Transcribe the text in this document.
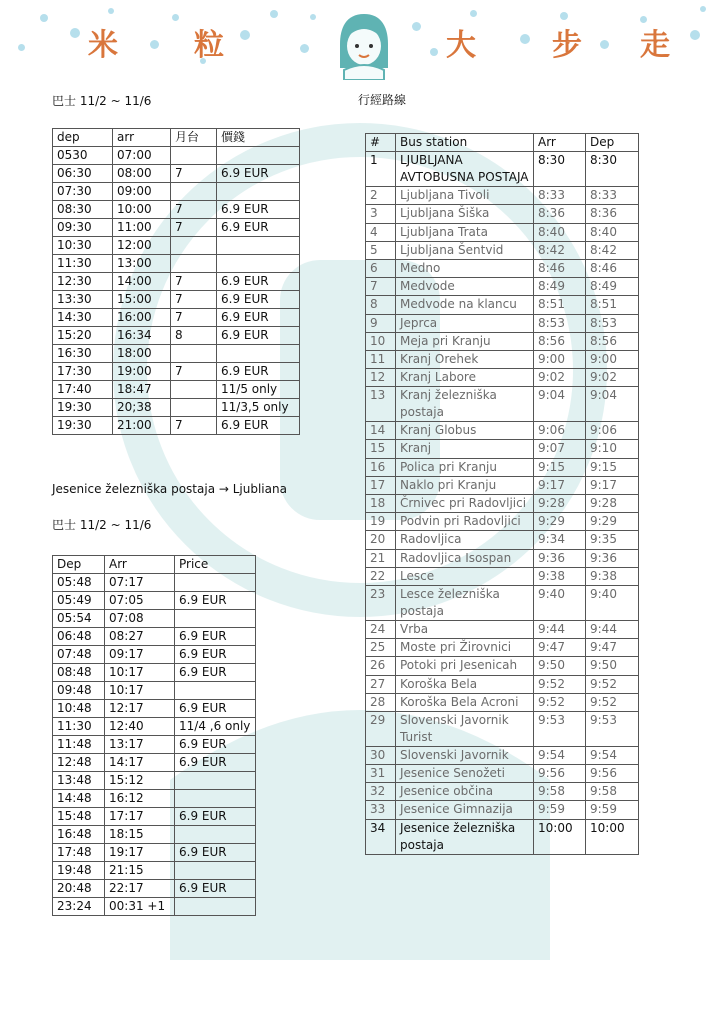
米	粒	大	步 走
巴士 11/2 ~ 11/6
dep	arr	月台	價錢
0530	07:00		
06:30	08:00	7	6.9 EUR
07:30	09:00		
08:30	10:00	7	6.9 EUR
09:30	11:00	7	6.9 EUR
10:30	12:00		
11:30	13:00		
12:30	14:00	7	6.9 EUR
13:30	15:00	7	6.9 EUR
14:30	16:00	7	6.9 EUR
15:20	16:34	8	6.9 EUR
16:30	18:00		
17:30	19:00	7	6.9 EUR
17:40	18:47		11/5 only
19:30	20;38		11/3,5 only
19:30	21:00	7	6.9 EUR
Jesenice železniška postaja → Ljubliana
巴士 11/2 ~ 11/6
Dep	Arr	Price
05:48	07:17	
05:49	07:05	6.9 EUR
05:54	07:08	
06:48	08:27	6.9 EUR
07:48	09:17	6.9 EUR
08:48	10:17	6.9 EUR
09:48	10:17	
10:48	12:17	6.9 EUR
11:30	12:40	11/4 ,6 only
11:48	13:17	6.9 EUR
12:48	14:17	6.9 EUR
13:48	15:12	
14:48	16:12	
15:48	17:17	6.9 EUR
16:48	18:15	
17:48	19:17	6.9 EUR
19:48	21:15	
20:48	22:17	6.9 EUR
23:24	00:31 +1	
行經路線
#	Bus station	Arr	Dep
1	LJUBLJANA AVTOBUSNA POSTAJA	8:30	8:30
2	Ljubljana Tivoli	8:33	8:33
3	Ljubljana Šiška	8:36	8:36
4	Ljubljana Trata	8:40	8:40
5	Ljubljana Šentvid	8:42	8:42
6	Medno	8:46	8:46
7	Medvode	8:49	8:49
8	Medvode na klancu	8:51	8:51
9	Jeprca	8:53	8:53
10	Meja pri Kranju	8:56	8:56
11	Kranj Orehek	9:00	9:00
12	Kranj Labore	9:02	9:02
13	Kranj železniška postaja	9:04	9:04
14	Kranj Globus	9:06	9:06
15	Kranj	9:07	9:10
16	Polica pri Kranju	9:15	9:15
17	Naklo pri Kranju	9:17	9:17
18	Črnivec pri Radovljici	9:28	9:28
19	Podvin pri Radovljici	9:29	9:29
20	Radovljica	9:34	9:35
21	Radovljica Isospan	9:36	9:36
22	Lesce	9:38	9:38
23	Lesce železniška postaja	9:40	9:40
24	Vrba	9:44	9:44
25	Moste pri Žirovnici	9:47	9:47
26	Potoki pri Jesenicah	9:50	9:50
27	Koroška Bela	9:52	9:52
28	Koroška Bela Acroni	9:52	9:52
29	Slovenski Javornik Turist	9:53	9:53
30	Slovenski Javornik	9:54	9:54
31	Jesenice Senožeti	9:56	9:56
32	Jesenice občina	9:58	9:58
33	Jesenice Gimnazija	9:59	9:59
34	Jesenice železniška postaja	10:00	10:00
